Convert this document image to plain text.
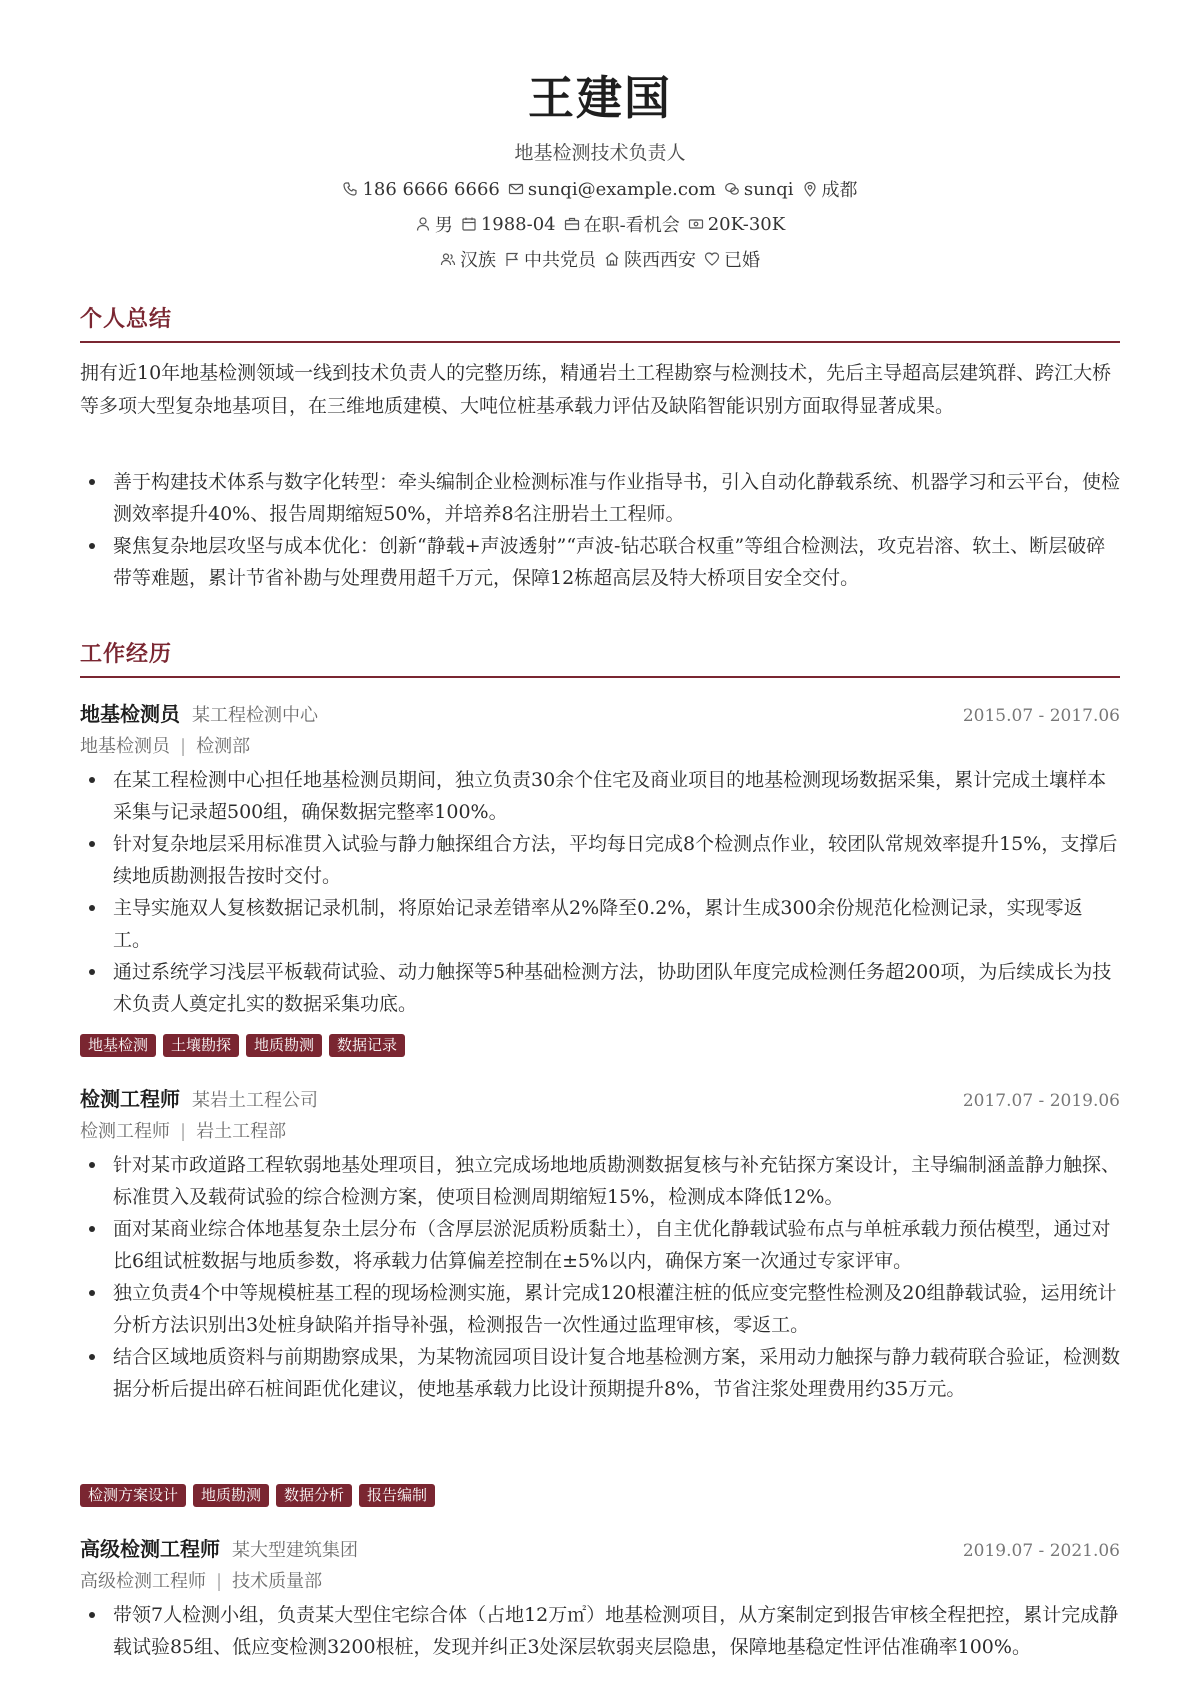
王建国
地基检测技术负责人
186 6666 6666 sunqi@example.com sunqi 成都
男 1988-04 在职-看机会 20K-30K
汉族 中共党员 陕西西安 已婚
个人总结
拥有近10年地基检测领域一线到技术负责人的完整历练，精通岩土工程勘察与检测技术，先后主导超高层建筑群、跨江大桥等多项大型复杂地基项目，在三维地质建模、大吨位桩基承载力评估及缺陷智能识别方面取得显著成果。
善于构建技术体系与数字化转型：牵头编制企业检测标准与作业指导书，引入自动化静载系统、机器学习和云平台，使检测效率提升40%、报告周期缩短50%，并培养8名注册岩土工程师。
聚焦复杂地层攻坚与成本优化：创新“静载+声波透射”“声波-钻芯联合权重”等组合检测法，攻克岩溶、软土、断层破碎带等难题，累计节省补勘与处理费用超千万元，保障12栋超高层及特大桥项目安全交付。
工作经历
地基检测员 某工程检测中心	2015.07 - 2017.06
地基检测员 | 检测部
在某工程检测中心担任地基检测员期间，独立负责30余个住宅及商业项目的地基检测现场数据采集，累计完成土壤样本采集与记录超500组，确保数据完整率100%。
针对复杂地层采用标准贯入试验与静力触探组合方法，平均每日完成8个检测点作业，较团队常规效率提升15%，支撑后续地质勘测报告按时交付。
主导实施双人复核数据记录机制，将原始记录差错率从2%降至0.2%，累计生成300余份规范化检测记录，实现零返工。
通过系统学习浅层平板载荷试验、动力触探等5种基础检测方法，协助团队年度完成检测任务超200项，为后续成长为技术负责人奠定扎实的数据采集功底。
地基检测	土壤勘探	地质勘测	数据记录
检测工程师 某岩土工程公司	2017.07 - 2019.06
检测工程师 | 岩土工程部
针对某市政道路工程软弱地基处理项目，独立完成场地地质勘测数据复核与补充钻探方案设计，主导编制涵盖静力触探、标准贯入及载荷试验的综合检测方案，使项目检测周期缩短15%，检测成本降低12%。
面对某商业综合体地基复杂土层分布（含厚层淤泥质粉质黏土），自主优化静载试验布点与单桩承载力预估模型，通过对比6组试桩数据与地质参数，将承载力估算偏差控制在±5%以内，确保方案一次通过专家评审。
独立负责4个中等规模桩基工程的现场检测实施，累计完成120根灌注桩的低应变完整性检测及20组静载试验，运用统计分析方法识别出3处桩身缺陷并指导补强，检测报告一次性通过监理审核，零返工。
结合区域地质资料与前期勘察成果，为某物流园项目设计复合地基检测方案，采用动力触探与静力载荷联合验证，检测数据分析后提出碎石桩间距优化建议，使地基承载力比设计预期提升8%，节省注浆处理费用约35万元。
检测方案设计	地质勘测	数据分析	报告编制
高级检测工程师 某大型建筑集团	2019.07 - 2021.06
高级检测工程师 | 技术质量部
带领7人检测小组，负责某大型住宅综合体（占地12万㎡）地基检测项目，从方案制定到报告审核全程把控，累计完成静载试验85组、低应变检测3200根桩，发现并纠正3处深层软弱夹层隐患，保障地基稳定性评估准确率100%。
